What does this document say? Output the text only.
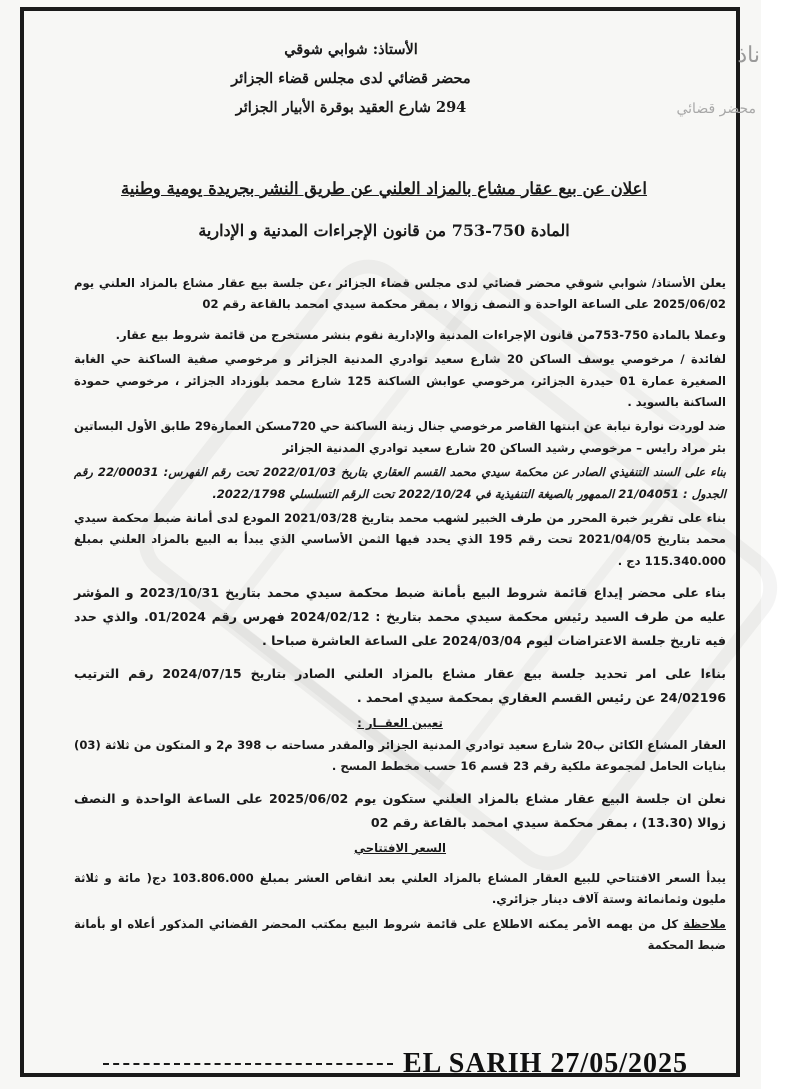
ناذ
محضر قضائي
الأستاذ: شوابي شوقي
محضر قضائي لدى مجلس قضاء الجزائر
294 شارع العقيد بوقرة الأبيار الجزائر
اعلان عن بيع عقار مشاع بالمزاد العلني عن طريق النشر بجريدة يومية وطنية
المادة 750-753 من قانون الإجراءات المدنية و الإدارية

يعلن الأستاذ/ شوابي شوقي محضر قضائي لدى مجلس قضاء الجزائر ،عن جلسة بيع عقار مشاع بالمزاد العلني يوم 2025/06/02 على الساعة الواحدة و النصف زوالا ، بمقر محكمة سيدي امحمد بالقاعة رقم 02

وعملا بالمادة 750-753من قانون الإجراءات المدنية والإدارية نقوم بنشر مستخرج من قائمة شروط بيع عقار.

لفائدة / مرخوصي يوسف الساكن 20 شارع سعيد توادري المدنية الجزائر و مرخوصي صفية الساكنة حي الغابة الصغيرة عمارة 01 حيدرة الجزائر، مرخوصي عوابش الساكنة 125 شارع محمد بلوزداد الجزائر ، مرخوصي حمودة الساكنة بالسويد .

ضد لوردت نوارة نيابة عن ابنتها القاصر مرخوصي جنال زينة الساكنة حي 720مسكن العمارة29 طابق الأول البساتين بئر مراد رايس – مرخوصي رشيد الساكن 20 شارع سعيد توادري المدنية الجزائر

بناء على السند التنفيذي الصادر عن محكمة سيدي محمد القسم العقاري بتاريخ 2022/01/03 تحت رقم الفهرس: 22/00031 رقم الجدول : 21/04051 الممهور بالصيغة التنفيذية في 2022/10/24 تحت الرقم التسلسلي 2022/1798.

بناء على تقرير خبرة المحرر من طرف الخبير لشهب محمد بتاريخ 2021/03/28 المودع لدى أمانة ضبط محكمة سيدي محمد بتاريخ 2021/04/05 تحت رقم 195 الذي يحدد فيها الثمن الأساسي الذي يبدأ به البيع بالمزاد العلني بمبلغ 115.340.000 دج .

بناء على محضر إيداع قائمة شروط البيع بأمانة ضبط محكمة سيدي محمد بتاريخ 2023/10/31 و المؤشر عليه من طرف السيد رئيس محكمة سيدي محمد بتاريخ : 2024/02/12 فهرس رقم 01/2024. والذي حدد فيه تاريخ جلسة الاعتراضات ليوم 2024/03/04 على الساعة العاشرة صباحا .

بناءا على امر تحديد جلسة بيع عقار مشاع بالمزاد العلني الصادر بتاريخ 2024/07/15 رقم الترتيب 24/02196 عن رئيس القسم العقاري بمحكمة سيدي امحمد .

تعيين العقــار :

العقار المشاع الكائن ب20 شارع سعيد توادري المدنية الجزائر والمقدر مساحته ب 398 م2 و المتكون من ثلاثة (03) بنايات الحامل لمجموعة ملكية رقم 23 قسم 16 حسب مخطط المسح .

نعلن ان جلسة البيع عقار مشاع بالمزاد العلني ستكون يوم 2025/06/02 على الساعة الواحدة و النصف زوالا (13.30) ، بمقر محكمة سيدي امحمد بالقاعة رقم 02

السعر الافتتاحي

يبدأ السعر الافتتاحي للبيع العقار المشاع بالمزاد العلني بعد انقاص العشر بمبلغ 103.806.000 دج( مائة و ثلاثة مليون وثمانمائة وستة آلاف دينار جزائري.

ملاحظة كل من يهمه الأمر يمكنه الاطلاع على قائمة شروط البيع بمكتب المحضر القضائي المذكور أعلاه او بأمانة ضبط المحكمة

EL SARIH 27/05/2025
